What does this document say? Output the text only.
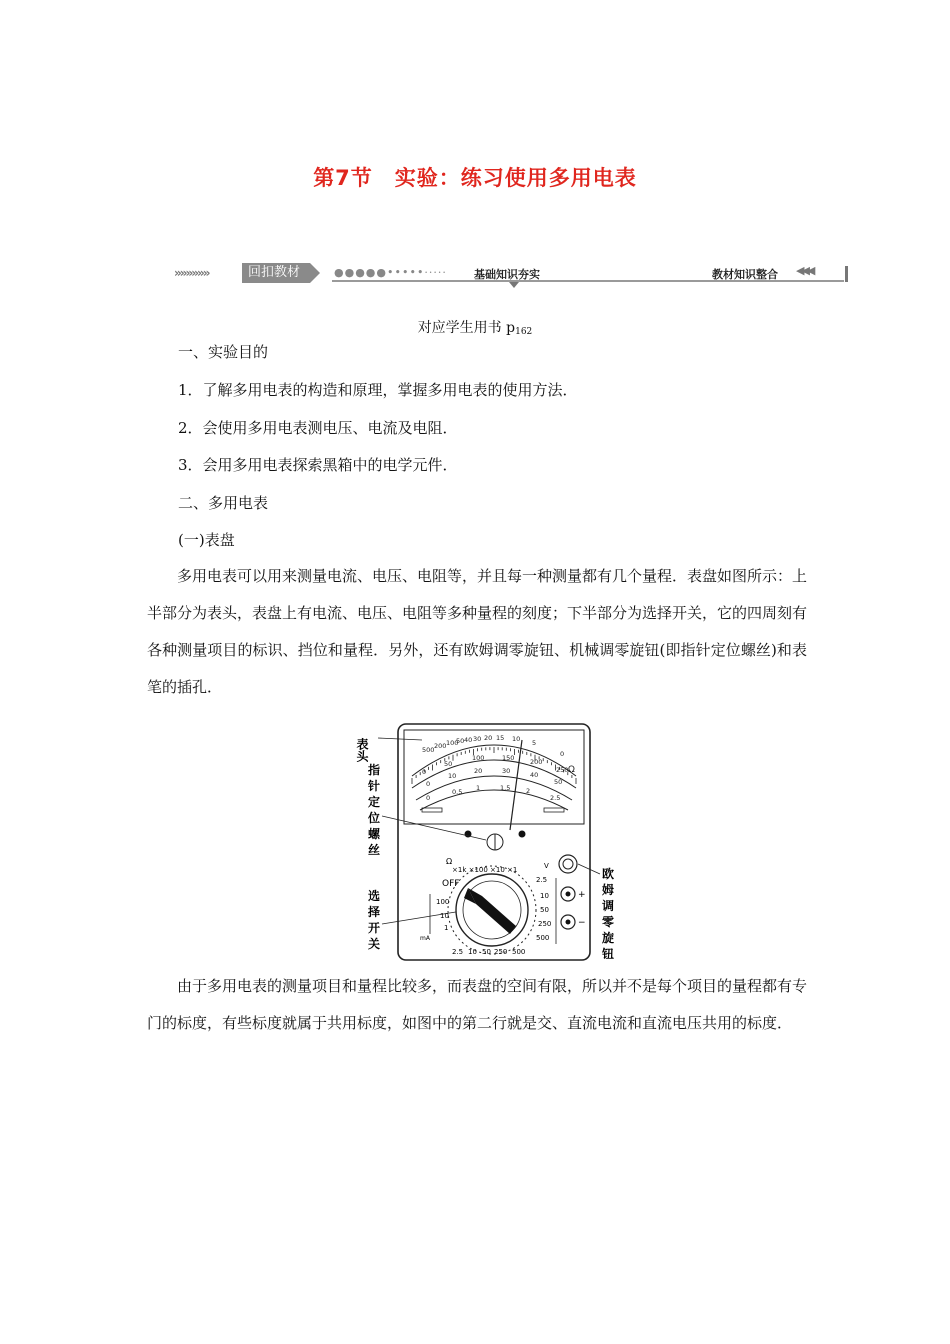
第7节　实验：练习使用多用电表
»»»»»»	回扣教材	●●●●●•••••····· 基础知识夯实	教材知识整合 ◀◀◀
对应学生用书 $p_{162}$
一、实验目的
1．了解多用电表的构造和原理，掌握多用电表的使用方法．
2．会使用多用电表测电压、电流及电阻．
3．会用多用电表探索黑箱中的电学元件．
二、多用电表
(一)表盘
多用电表可以用来测量电流、电压、电阻等，并且每一种测量都有几个量程．表盘如图所示：上半部分为表头，表盘上有电流、电压、电阻等多种量程的刻度；下半部分为选择开关，它的四周刻有各种测量项目的标识、挡位和量程．另外，还有欧姆调零旋钮、机械调零旋钮(即指针定位螺丝)和表笔的插孔．
表头
指
针
定
位
螺
丝
选
择
开
关
欧
姆
调
零
旋
钮
500 200 100
50 40 30 20 15 10 5
0
Ω
0
50
100	150 200
250
0
10
20	30	40
50
0
0.5 1	1.5 2
2.5
Ω
×1k ×100 ×10 ×1	V
OFF
100
10
1
mA
2.5
10
50
250
500
2.5 10 50 250 500
+
−
由于多用电表的测量项目和量程比较多，而表盘的空间有限，所以并不是每个项目的量程都有专门的标度，有些标度就属于共用标度，如图中的第二行就是交、直流电流和直流电压共用的标度．
